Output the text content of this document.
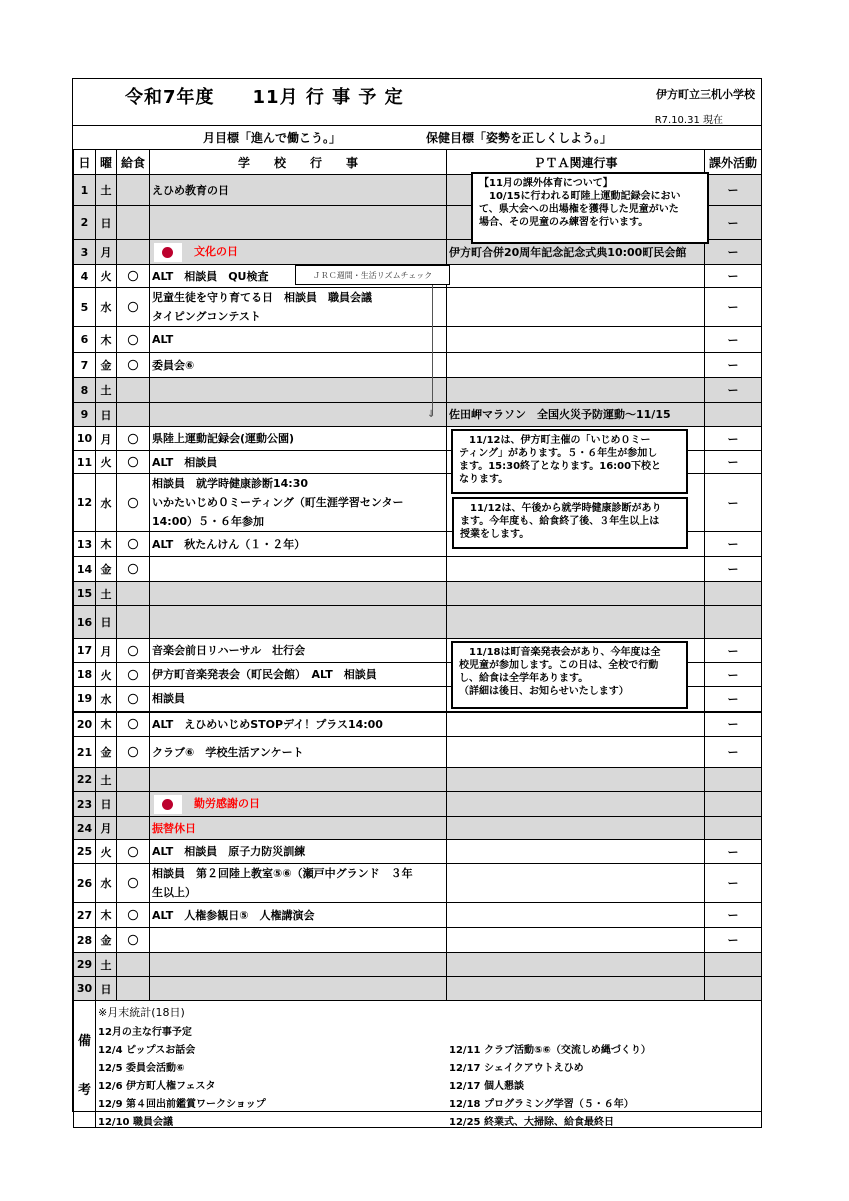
令和7年度　　11月 行 事 予 定	伊方町立三机小学校
R7.10.31 現在
月目標「進んで働こう。」	保健目標「姿勢を正しくしよう。」
日	曜	給食	学　　校　　行　　事	ＰＴＡ関連行事	課外活動
1	土		えひめ教育の日		ー
2	日				ー
3	月		文化の日	伊方町合併20周年記念記念式典10:00町民会館	ー
4	火	〇	ALT　相談員　QU検査		ー
5	水	〇	児童生徒を守り育てる日　相談員　職員会議
タイピングコンテスト		ー
6	木	〇	ALT		ー
7	金	〇	委員会⑥		ー
8	土				ー
9	日			佐田岬マラソン　全国火災予防運動～11/15	
10	月	〇	県陸上運動記録会(運動公園)		ー
11	火	〇	ALT　相談員		ー
12	水	〇	相談員　就学時健康診断14:30
いかたいじめ０ミーティング（町生涯学習センター
14:00）５・６年参加		ー
13	木	〇	ALT　秋たんけん（１・２年）		ー
14	金	〇			ー
15	土		

16	日		

17	月	〇	音楽会前日リハーサル　壮行会		ー
18	火	〇	伊方町音楽発表会（町民会館）　ALT　相談員		ー
19	水	〇	相談員		ー
20	木	〇	ALT　えひめいじめSTOPデイ！プラス14:00		ー
21	金	〇	クラブ⑥　学校生活アンケート		ー
22	土		

23	日		勤労感謝の日		

24	月		振替休日		

25	火	〇	ALT　相談員　原子力防災訓練		ー
26	水	〇	相談員　第２回陸上教室⑤⑥（瀬戸中グランド　３年
生以上）		ー
27	木	〇	ALT　人権参観日⑤　人権講演会		ー
28	金	〇			ー
29	土		

30	日		

備
考

※月末統計(18日)
12月の主な行事予定
12/4 ピップスお話会
12/5 委員会活動⑥
12/6 伊方町人権フェスタ
12/9 第４回出前鑑賞ワークショップ
12/10 職員会議
12/11 クラブ活動⑤⑥（交流しめ縄づくり）
12/17 シェイクアウトえひめ
12/17 個人懇談
12/18 プログラミング学習（５・６年）
12/25 終業式、大掃除、給食最終日
ＪＲＣ週間・生活リズムチェック
↓
【11月の課外体育について】
　10/15に行われる町陸上運動記録会におい
て、県大会への出場権を獲得した児童がいた
場合、その児童のみ練習を行います。
　11/12は、伊方町主催の「いじめ０ミー
ティング」があります。５・６年生が参加し
ます。15:30終了となります。16:00下校と
なります。
　11/12は、午後から就学時健康診断があり
ます。今年度も、給食終了後、３年生以上は
授業をします。
　11/18は町音楽発表会があり、今年度は全
校児童が参加します。この日は、全校で行動
し、給食は全学年あります。
（詳細は後日、お知らせいたします）
